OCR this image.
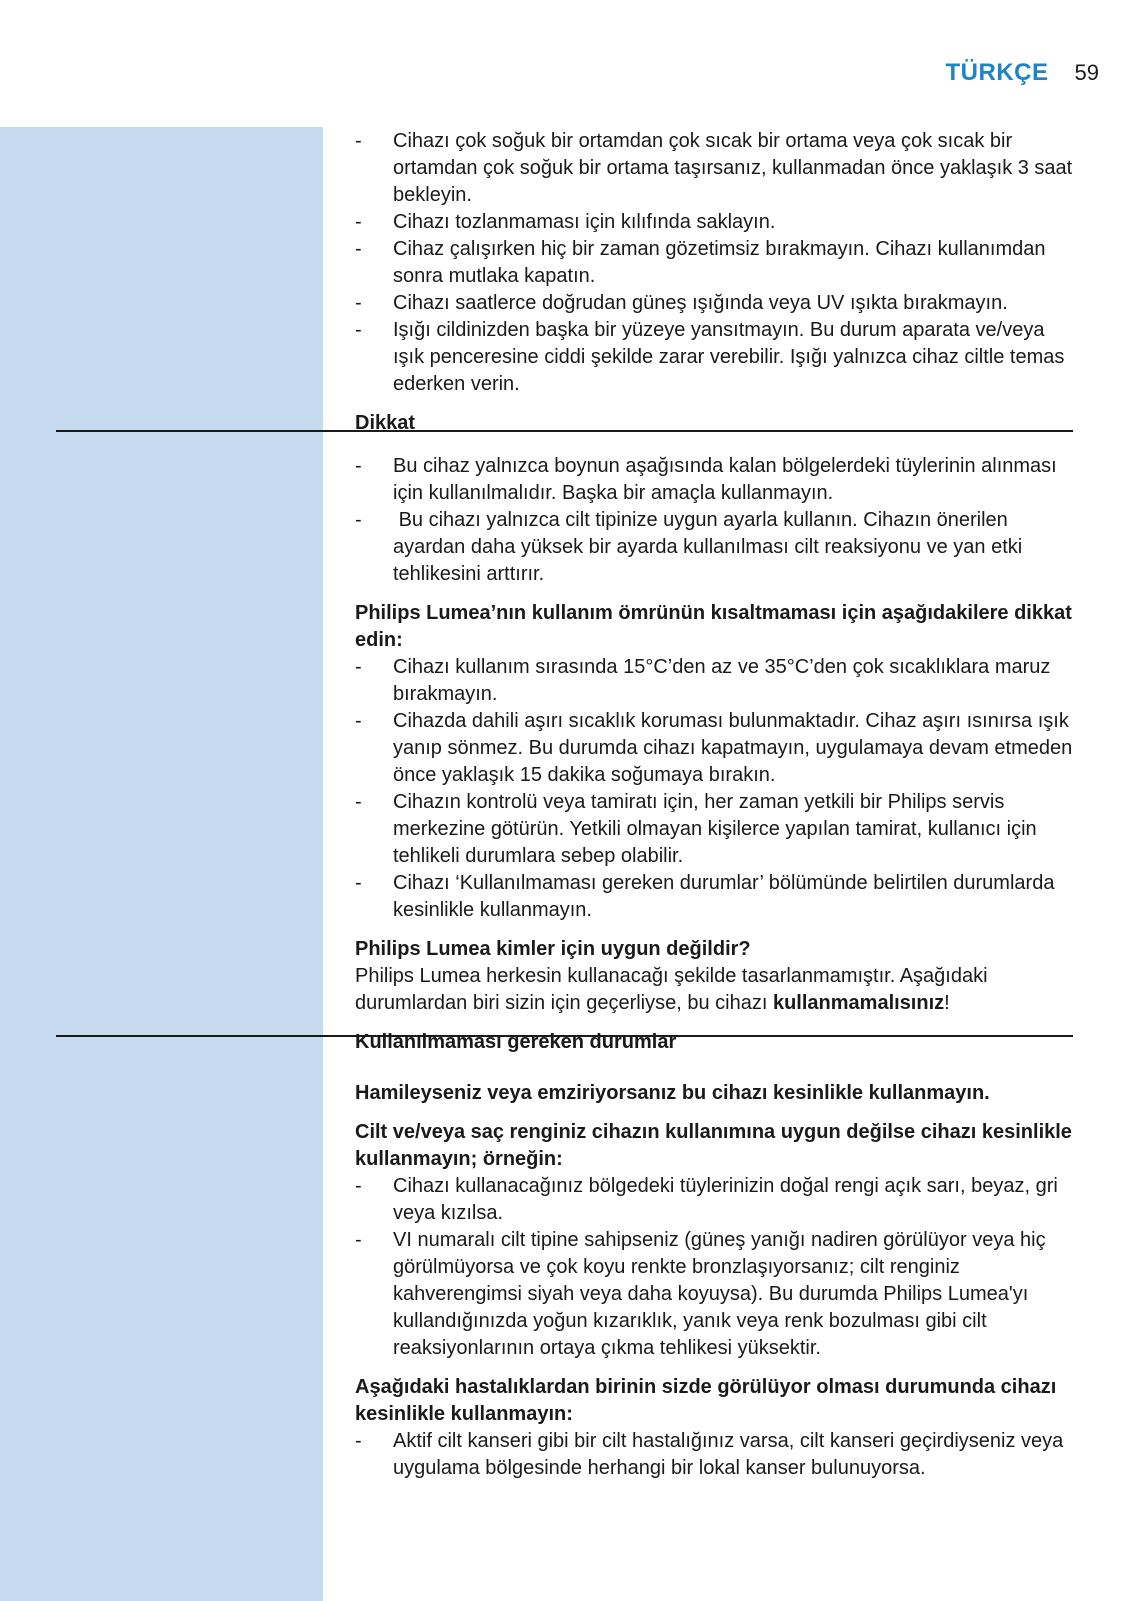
TÜRKÇE 59
- Cihazı çok soğuk bir ortamdan çok sıcak bir ortama veya çok sıcak bir ortamdan çok soğuk bir ortama taşırsanız, kullanmadan önce yaklaşık 3 saat bekleyin.
- Cihazı tozlanmaması için kılıfında saklayın.
- Cihaz çalışırken hiç bir zaman gözetimsiz bırakmayın. Cihazı kullanımdan sonra mutlaka kapatın.
- Cihazı saatlerce doğrudan güneş ışığında veya UV ışıkta bırakmayın.
- Işığı cildinizden başka bir yüzeye yansıtmayın. Bu durum aparata ve/veya ışık penceresine ciddi şekilde zarar verebilir. Işığı yalnızca cihaz ciltle temas ederken verin.

Dikkat

- Bu cihaz yalnızca boynun aşağısında kalan bölgelerdeki tüylerinin alınması için kullanılmalıdır. Başka bir amaçla kullanmayın.
-  Bu cihazı yalnızca cilt tipinize uygun ayarla kullanın. Cihazın önerilen ayardan daha yüksek bir ayarda kullanılması cilt reaksiyonu ve yan etki tehlikesini arttırır.

Philips Lumea’nın kullanım ömrünün kısaltmaması için aşağıdakilere dikkat edin:

- Cihazı kullanım sırasında 15°C’den az ve 35°C’den çok sıcaklıklara maruz bırakmayın.
- Cihazda dahili aşırı sıcaklık koruması bulunmaktadır. Cihaz aşırı ısınırsa ışık yanıp sönmez. Bu durumda cihazı kapatmayın, uygulamaya devam etmeden önce yaklaşık 15 dakika soğumaya bırakın.
- Cihazın kontrolü veya tamiratı için, her zaman yetkili bir Philips servis merkezine götürün. Yetkili olmayan kişilerce yapılan tamirat, kullanıcı için tehlikeli durumlara sebep olabilir.
- Cihazı ‘Kullanılmaması gereken durumlar’ bölümünde belirtilen durumlarda kesinlikle kullanmayın.

Philips Lumea kimler için uygun değildir?

Philips Lumea herkesin kullanacağı şekilde tasarlanmamıştır. Aşağıdaki durumlardan biri sizin için geçerliyse, bu cihazı kullanmamalısınız!

Kullanılmaması gereken durumlar

Hamileyseniz veya emziriyorsanız bu cihazı kesinlikle kullanmayın.

Cilt ve/veya saç renginiz cihazın kullanımına uygun değilse cihazı kesinlikle kullanmayın; örneğin:

- Cihazı kullanacağınız bölgedeki tüylerinizin doğal rengi açık sarı, beyaz, gri veya kızılsa.
- VI numaralı cilt tipine sahipseniz (güneş yanığı nadiren görülüyor veya hiç görülmüyorsa ve çok koyu renkte bronzlaşıyorsanız; cilt renginiz kahverengimsi siyah veya daha koyuysa). Bu durumda Philips Lumea'yı kullandığınızda yoğun kızarıklık, yanık veya renk bozulması gibi cilt reaksiyonlarının ortaya çıkma tehlikesi yüksektir.

Aşağıdaki hastalıklardan birinin sizde görülüyor olması durumunda cihazı kesinlikle kullanmayın:

- Aktif cilt kanseri gibi bir cilt hastalığınız varsa, cilt kanseri geçirdiyseniz veya uygulama bölgesinde herhangi bir lokal kanser bulunuyorsa.
